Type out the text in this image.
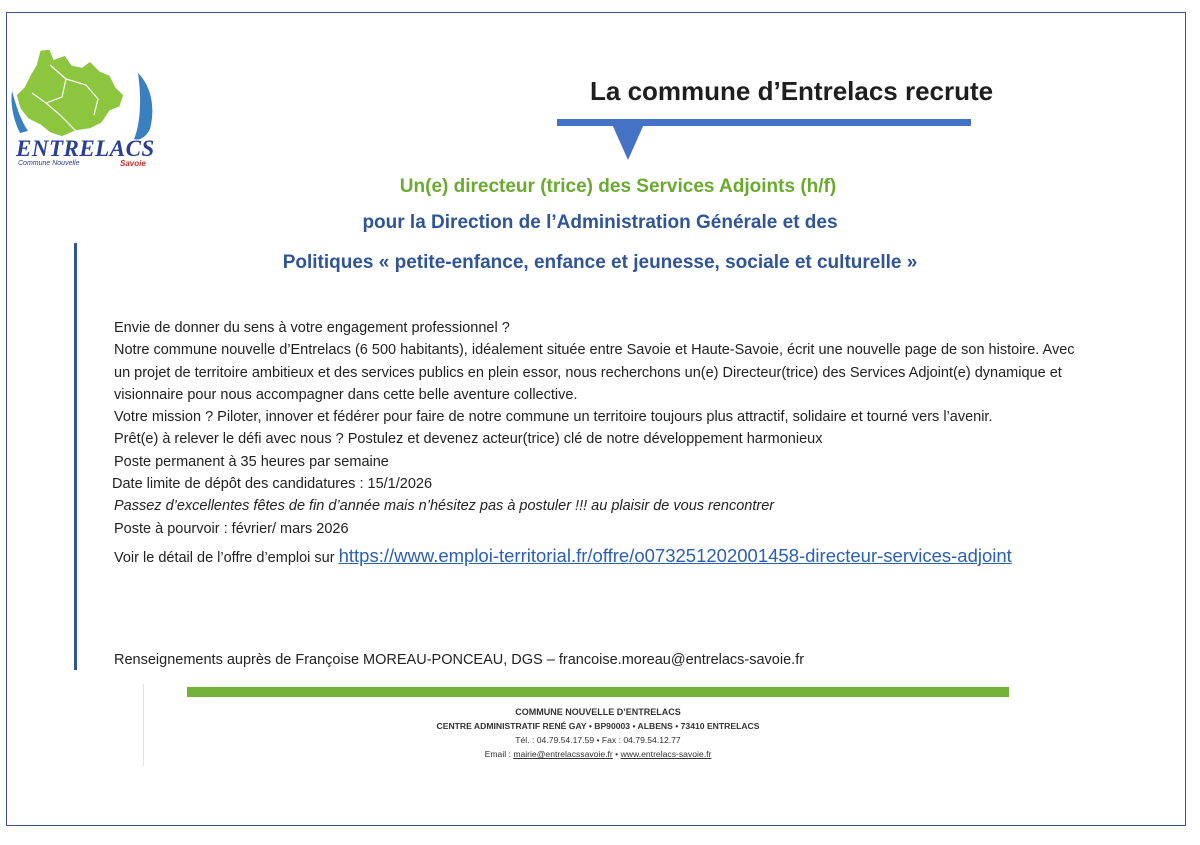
ENTRELACS
Commune Nouvelle	Savoie
La commune d’Entrelacs recrute
Un(e) directeur (trice) des Services Adjoints (h/f)
pour la Direction de l’Administration Générale et des
Politiques « petite-enfance, enfance et jeunesse, sociale et culturelle »

Envie de donner du sens à votre engagement professionnel ?

Notre commune nouvelle d’Entrelacs (6 500 habitants), idéalement située entre Savoie et Haute-Savoie, écrit une nouvelle page de son histoire. Avec un projet de territoire ambitieux et des services publics en plein essor, nous recherchons un(e) Directeur(trice) des Services Adjoint(e) dynamique et visionnaire pour nous accompagner dans cette belle aventure collective.

Votre mission ? Piloter, innover et fédérer pour faire de notre commune un territoire toujours plus attractif, solidaire et tourné vers l’avenir.

Prêt(e) à relever le défi avec nous ? Postulez et devenez acteur(trice) clé de notre développement harmonieux

Poste permanent à 35 heures par semaine

Date limite de dépôt des candidatures : 15/1/2026

Passez d’excellentes fêtes de fin d’année mais n’hésitez pas à postuler !!! au plaisir de vous rencontrer

Poste à pourvoir : février/ mars 2026

Voir le détail de l’offre d’emploi sur https://www.emploi-territorial.fr/offre/o073251202001458-directeur-services-adjoint

Renseignements auprès de Françoise MOREAU-PONCEAU, DGS – francoise.moreau@entrelacs-savoie.fr
COMMUNE NOUVELLE D’ENTRELACS
CENTRE ADMINISTRATIF RENÉ GAY • BP90003 • ALBENS • 73410 ENTRELACS
Tél. : 04.79.54.17.59 • Fax : 04.79.54.12.77
Email : mairie@entrelacssavoie.fr • www.entrelacs-savoie.fr
